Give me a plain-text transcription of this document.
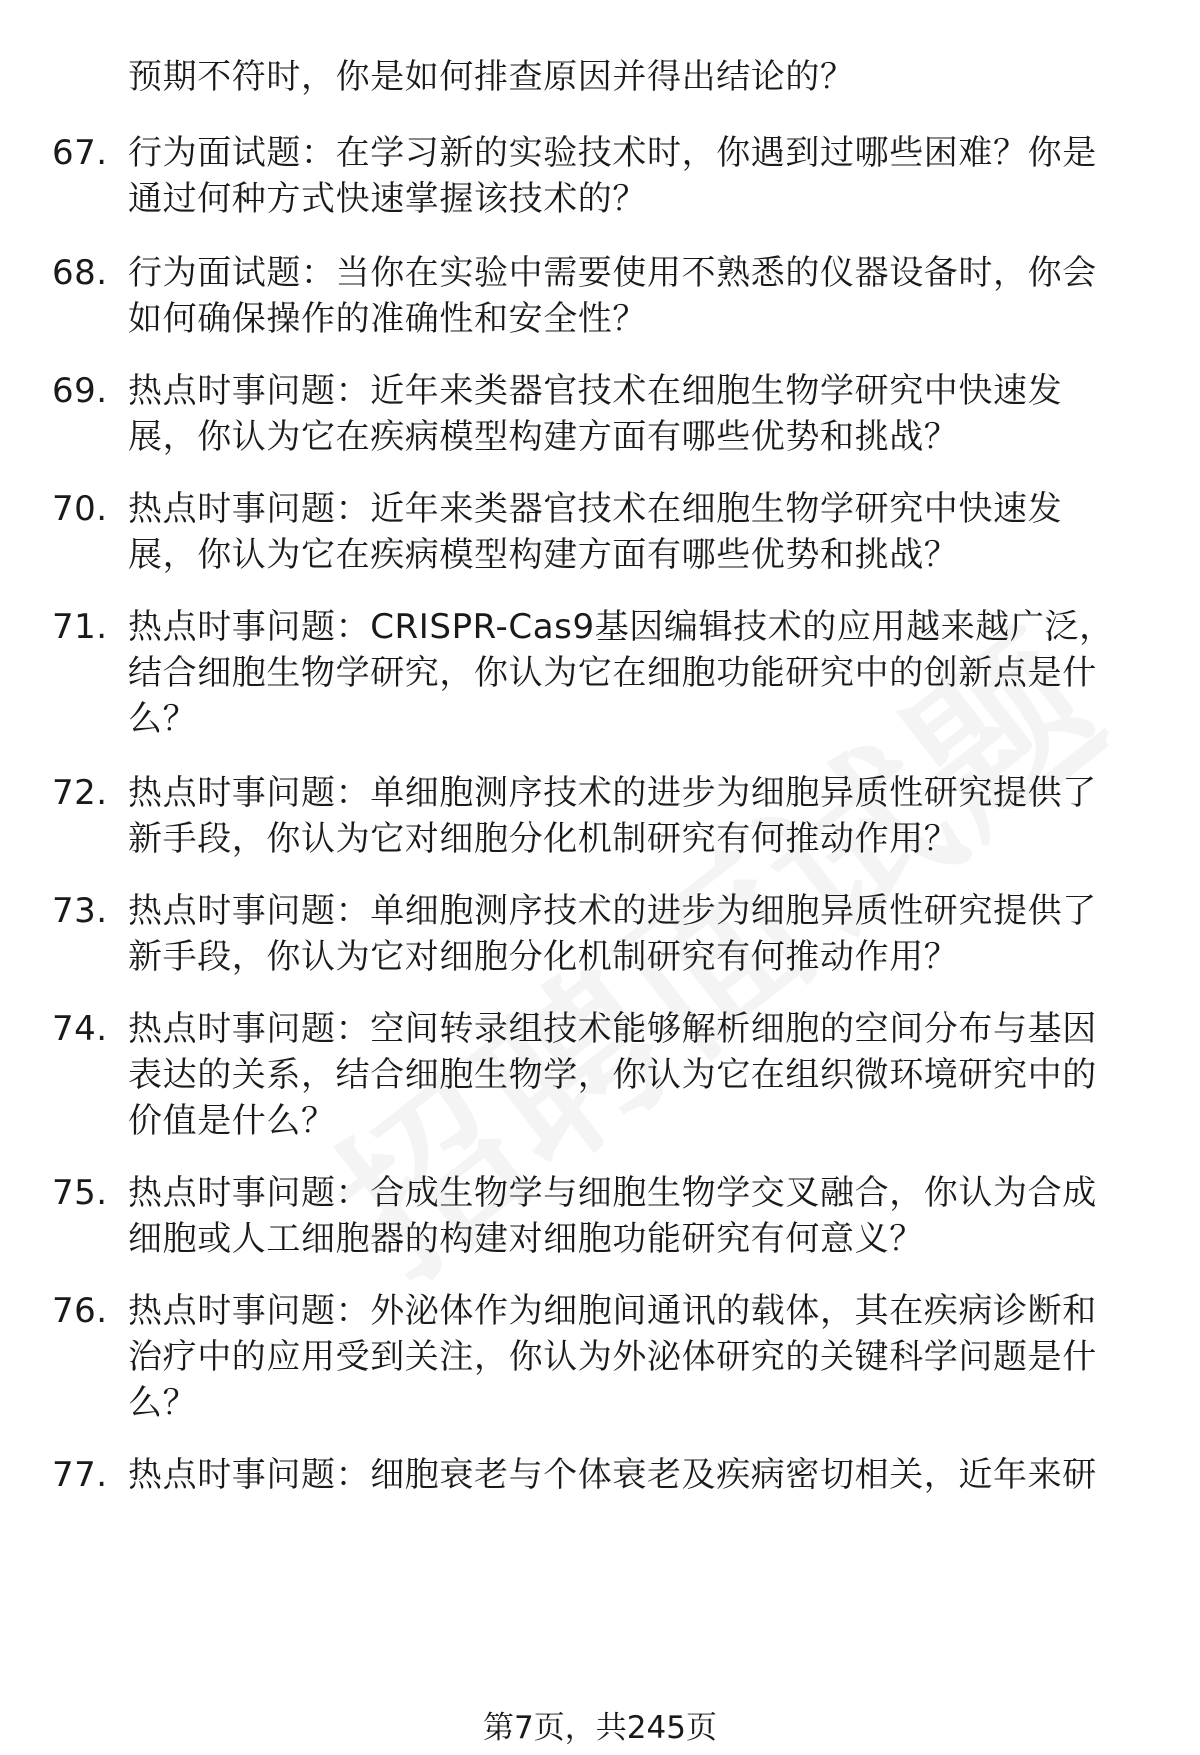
预期不符时，你是如何排查原因并得出结论的？
67. 行为面试题：在学习新的实验技术时，你遇到过哪些困难？你是
通过何种方式快速掌握该技术的？
68. 行为面试题：当你在实验中需要使用不熟悉的仪器设备时，你会
如何确保操作的准确性和安全性？
69. 热点时事问题：近年来类器官技术在细胞生物学研究中快速发
展，你认为它在疾病模型构建方面有哪些优势和挑战？
70. 热点时事问题：近年来类器官技术在细胞生物学研究中快速发
展，你认为它在疾病模型构建方面有哪些优势和挑战？
71. 热点时事问题：CRISPR-Cas9基因编辑技术的应用越来越广泛，
结合细胞生物学研究，你认为它在细胞功能研究中的创新点是什
么？
72. 热点时事问题：单细胞测序技术的进步为细胞异质性研究提供了
新手段，你认为它对细胞分化机制研究有何推动作用？
73. 热点时事问题：单细胞测序技术的进步为细胞异质性研究提供了
新手段，你认为它对细胞分化机制研究有何推动作用？
74. 热点时事问题：空间转录组技术能够解析细胞的空间分布与基因
表达的关系，结合细胞生物学，你认为它在组织微环境研究中的
价值是什么？
75. 热点时事问题：合成生物学与细胞生物学交叉融合，你认为合成
细胞或人工细胞器的构建对细胞功能研究有何意义？
76. 热点时事问题：外泌体作为细胞间通讯的载体，其在疾病诊断和
治疗中的应用受到关注，你认为外泌体研究的关键科学问题是什
么？
77. 热点时事问题：细胞衰老与个体衰老及疾病密切相关，近年来研
第7页，共245页
